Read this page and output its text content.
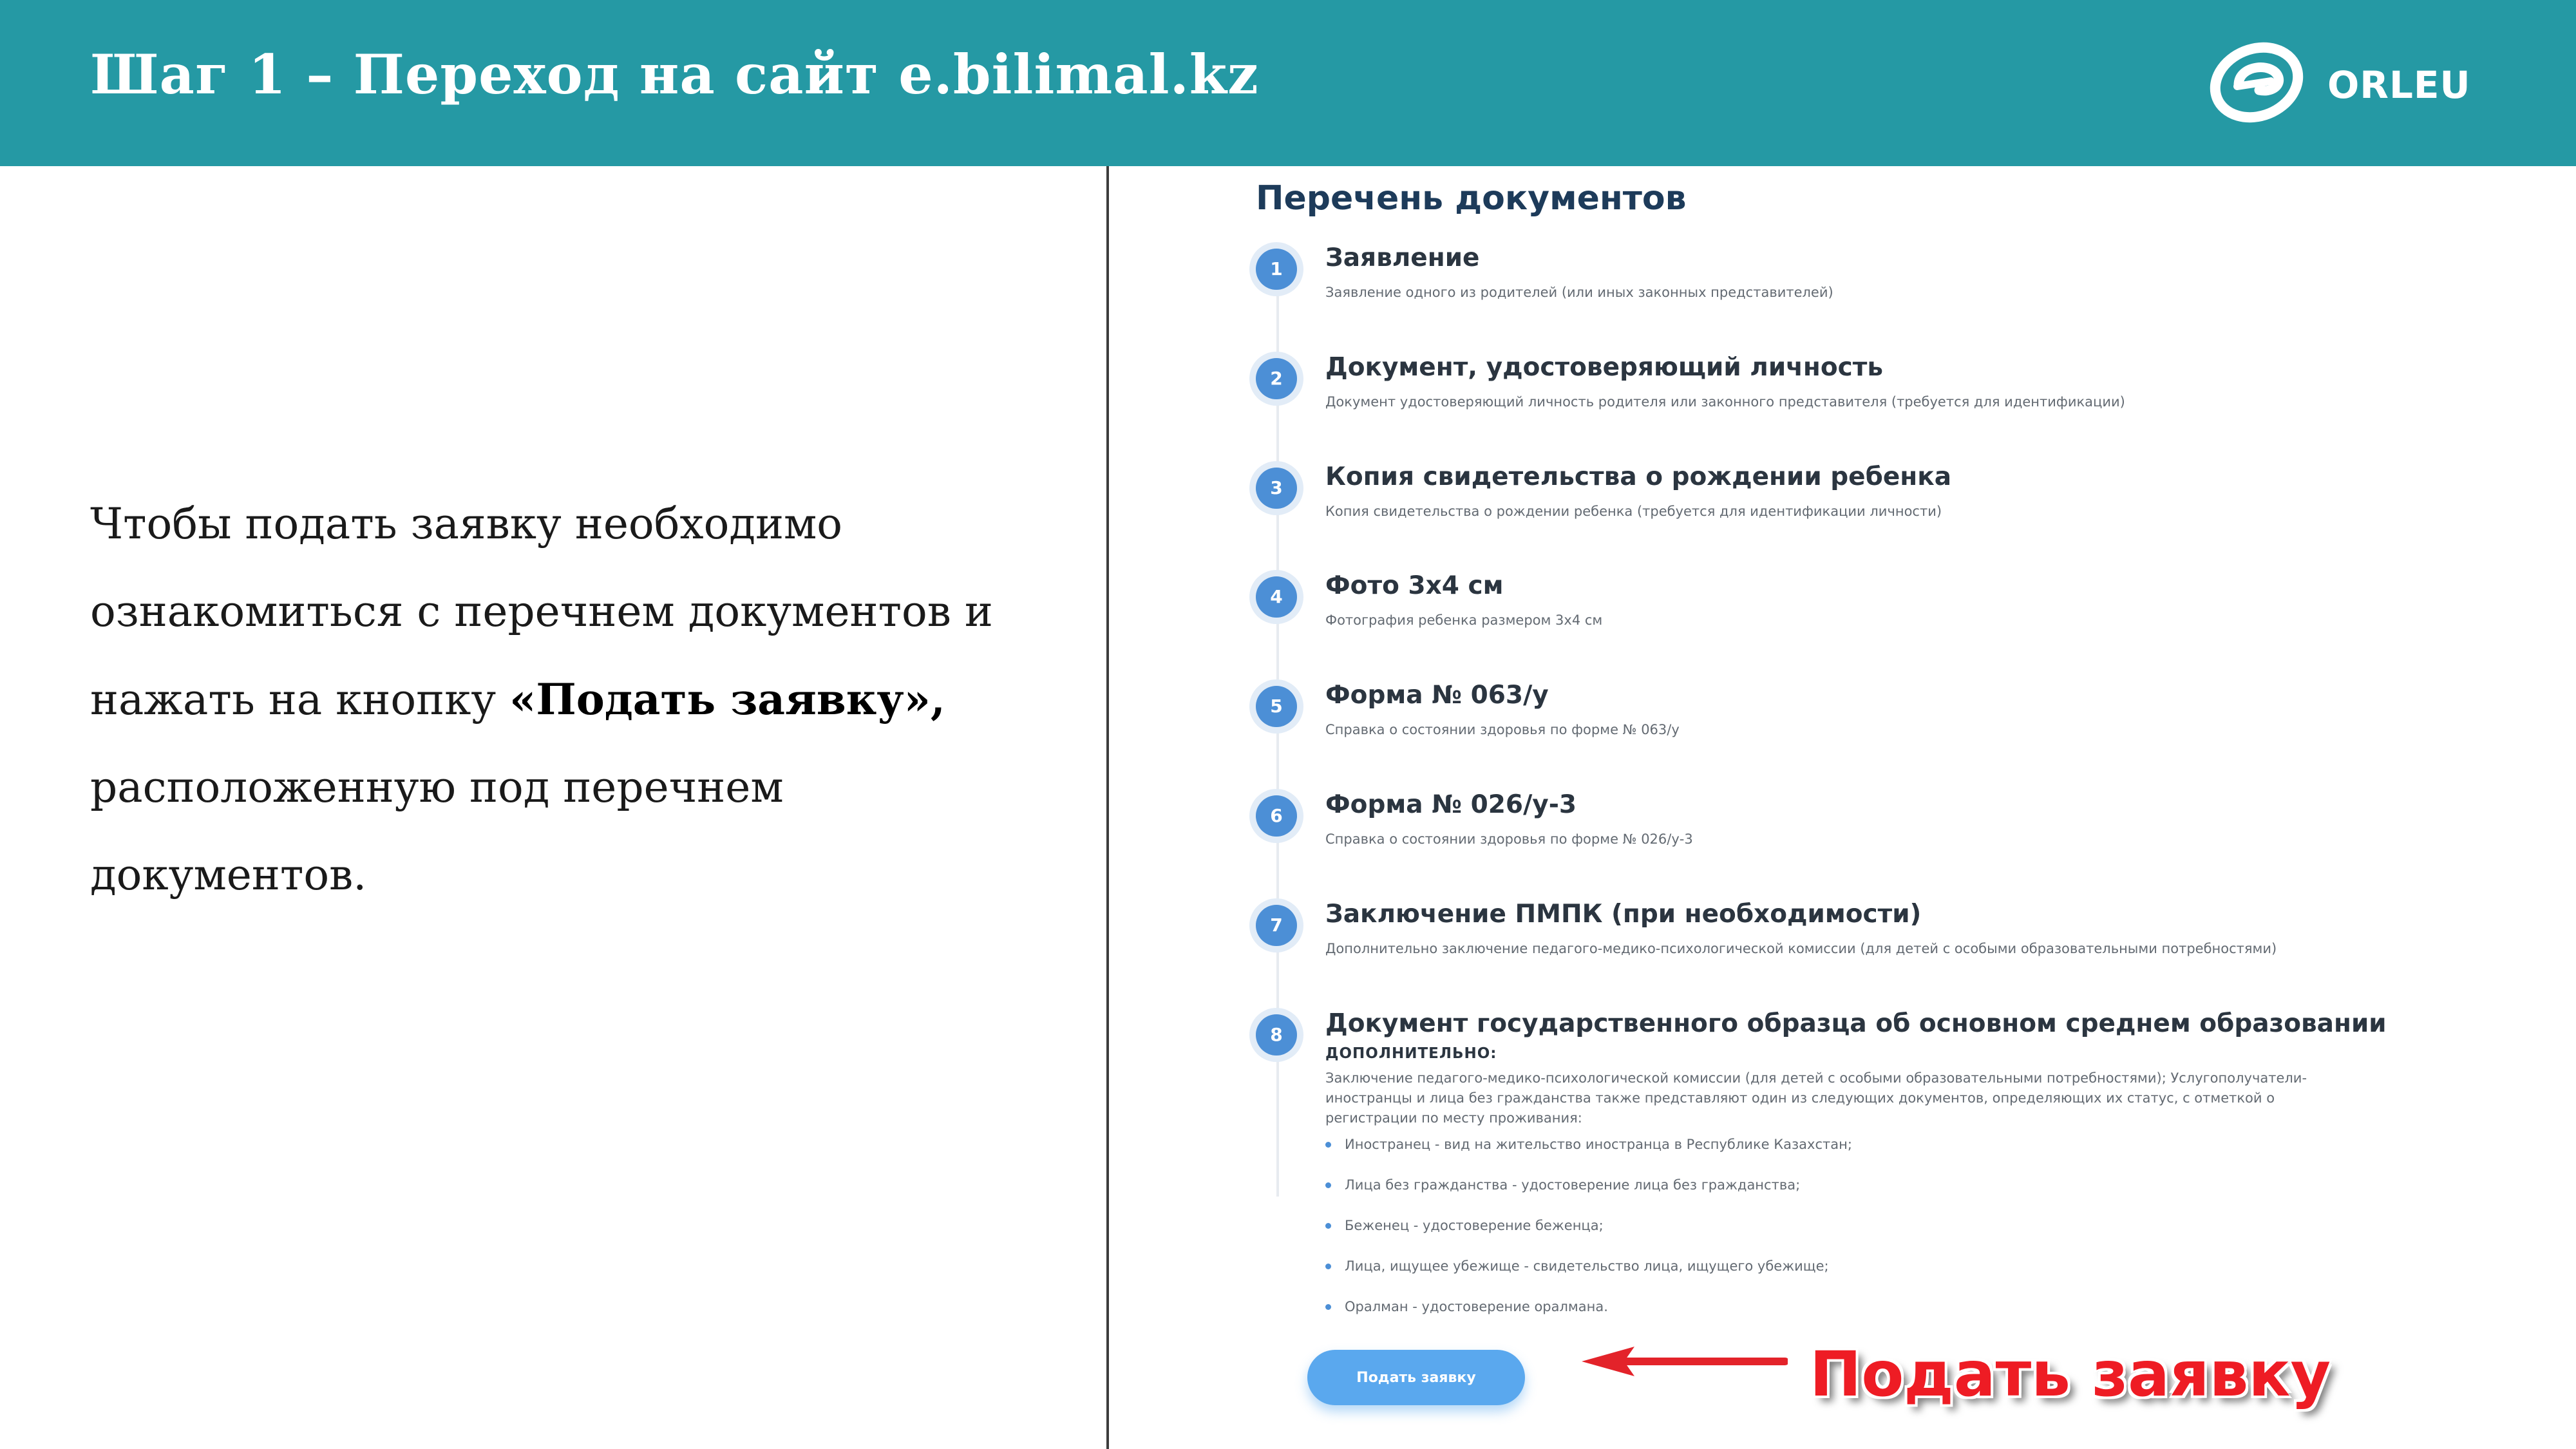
Шаг 1 – Переход на сайт e.bilimal.kz	ORLEU
Чтобы подать заявку необходимо ознакомиться с перечнем документов и нажать на кнопку «Подать заявку», расположенную под перечнем документов.
Перечень документов
1	Заявление
Заявление одного из родителей (или иных законных представителей)
2	Документ, удостоверяющий личность
Документ удостоверяющий личность родителя или законного представителя (требуется для идентификации)
3	Копия свидетельства о рождении ребенка
Копия свидетельства о рождении ребенка (требуется для идентификации личности)
4	Фото 3х4 см
Фотография ребенка размером 3х4 см
5	Форма № 063/у
Справка о состоянии здоровья по форме № 063/у
6	Форма № 026/у-3
Справка о состоянии здоровья по форме № 026/у-3
7	Заключение ПМПК (при необходимости)
Дополнительно заключение педагого-медико-психологической комиссии (для детей с особыми образовательными потребностями)
8	Документ государственного образца об основном среднем образовании
ДОПОЛНИТЕЛЬНО:
Заключение педагого-медико-психологической комиссии (для детей с особыми образовательными потребностями); Услугополучатели-иностранцы и лица без гражданства также представляют один из следующих документов, определяющих их статус, с отметкой о регистрации по месту проживания:
Иностранец - вид на жительство иностранца в Республике Казахстан;
Лица без гражданства - удостоверение лица без гражданства;
Беженец - удостоверение беженца;
Лица, ищущее убежище - свидетельство лица, ищущего убежище;
Оралман - удостоверение оралмана.
Подать заявку	Подать заявку
